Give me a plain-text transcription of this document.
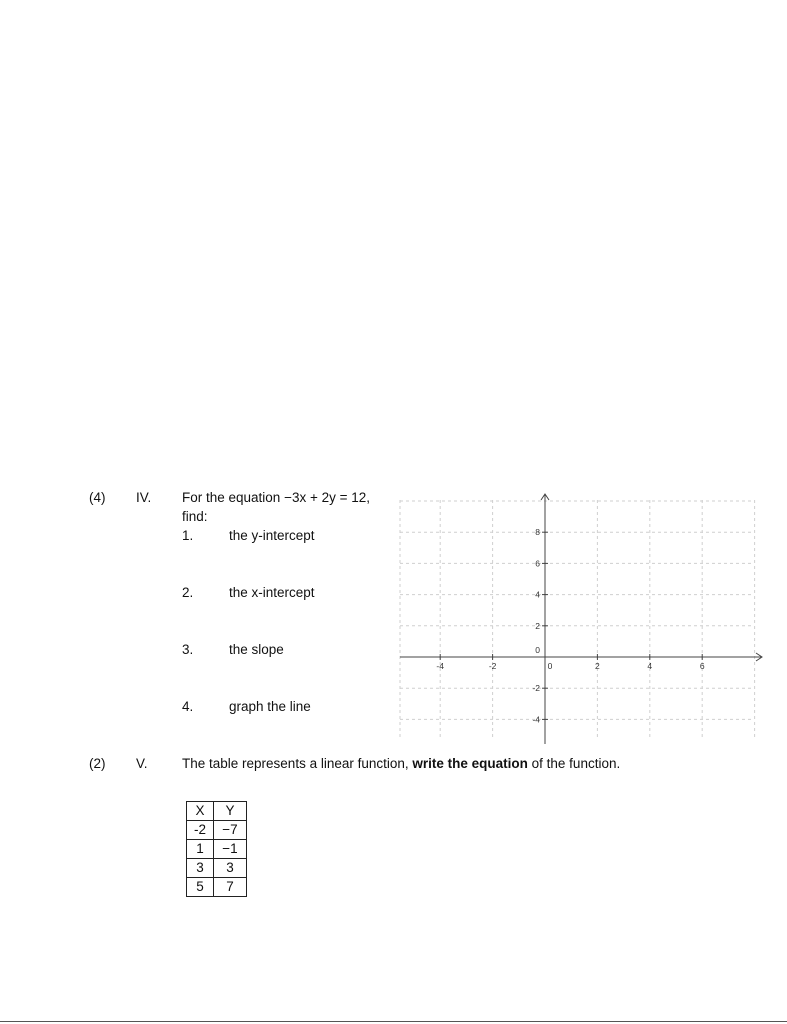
(4) IV. For the equation −3x + 2y = 12,
find:
1.	the y-intercept
2.	the x-intercept
3.	the slope
4.	graph the line
-4	-2	0	2	4	6
8
6
4
2
0
-2
-4
(2) V.	The table represents a linear function, write the equation of the function.
X	Y
-2	−7
1	−1
3	3
5	7
